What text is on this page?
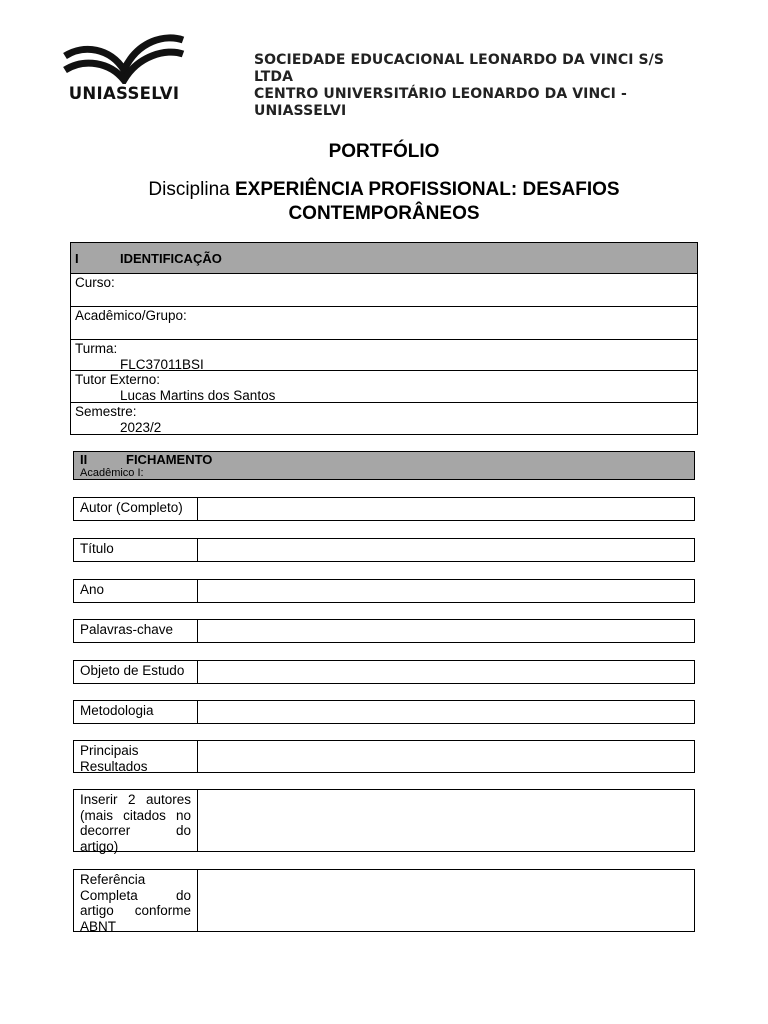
UNIASSELVI
SOCIEDADE EDUCACIONAL LEONARDO DA VINCI S/S LTDA
CENTRO UNIVERSITÁRIO LEONARDO DA VINCI - UNIASSELVI
PORTFÓLIO
Disciplina EXPERIÊNCIA PROFISSIONAL: DESAFIOS
CONTEMPORÂNEOS
I	IDENTIFICAÇÃO
Curso:
Acadêmico/Grupo:
Turma:
FLC37011BSI
Tutor Externo:
Lucas Martins dos Santos
Semestre:
2023/2
II	FICHAMENTO
Acadêmico I:
Autor (Completo)
Título
Ano
Palavras-chave
Objeto de Estudo
Metodologia
Principais Resultados
Inserir 2 autores (mais citados no decorrer do artigo)
Referência Completa do artigo conforme ABNT
